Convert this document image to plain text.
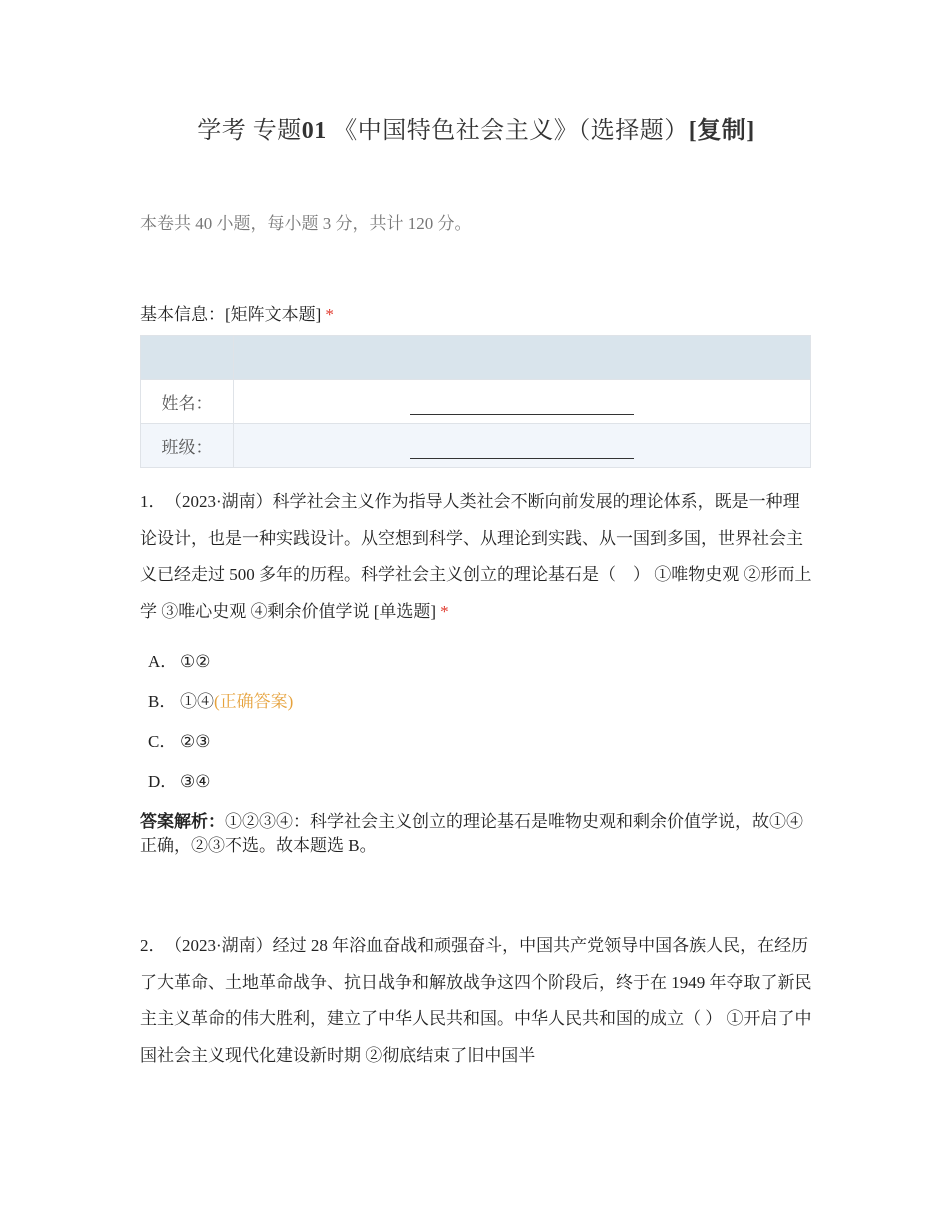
学考 专题01 《中国特色社会主义》（选择题）[复制]
本卷共 40 小题，每小题 3 分，共计 120 分。
基本信息：[矩阵文本题] *

姓名：	

班级：	
1． （2023·湖南）科学社会主义作为指导人类社会不断向前发展的理论体系，既是一种理论设计，也是一种实践设计。从空想到科学、从理论到实践、从一国到多国，世界社会主义已经走过 500 多年的历程。科学社会主义创立的理论基石是（　） ①唯物史观 ②形而上学 ③唯心史观 ④剩余价值学说 [单选题] *
A． ①②
B． ①④(正确答案)
C． ②③
D． ③④
答案解析：①②③④：科学社会主义创立的理论基石是唯物史观和剩余价值学说，故①④正确，②③不选。故本题选 B。
2． （2023·湖南）经过 28 年浴血奋战和顽强奋斗，中国共产党领导中国各族人民，在经历了大革命、土地革命战争、抗日战争和解放战争这四个阶段后，终于在 1949 年夺取了新民主主义革命的伟大胜利，建立了中华人民共和国。中华人民共和国的成立（ ） ①开启了中国社会主义现代化建设新时期 ②彻底结束了旧中国半
